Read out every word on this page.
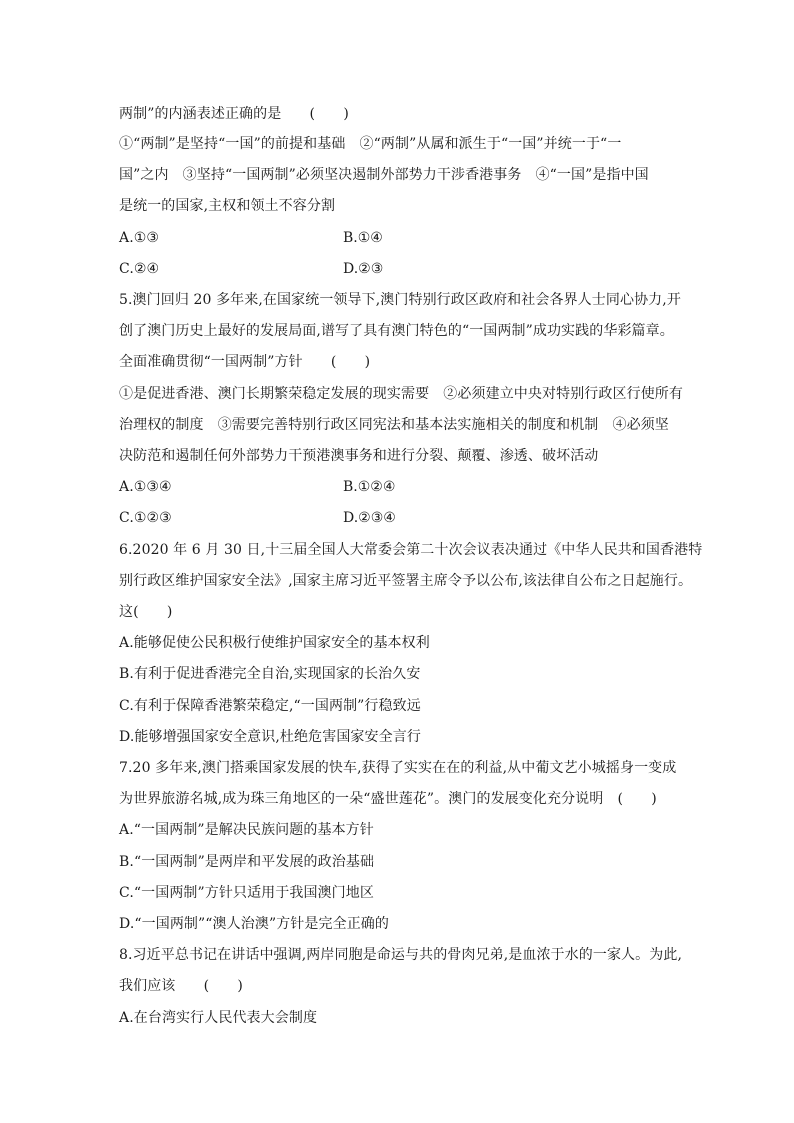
两制”的内涵表述正确的是　　(　　)
①“两制”是坚持“一国”的前提和基础　②“两制”从属和派生于“一国”并统一于“一
国”之内　③坚持“一国两制”必须坚决遏制外部势力干涉香港事务　④“一国”是指中国
是统一的国家,主权和领土不容分割
A.①③	B.①④
C.②④	D.②③
5.澳门回归 20 多年来,在国家统一领导下,澳门特别行政区政府和社会各界人士同心协力,开
创了澳门历史上最好的发展局面,谱写了具有澳门特色的“一国两制”成功实践的华彩篇章。
全面准确贯彻“一国两制”方针　　(　　)
①是促进香港、澳门长期繁荣稳定发展的现实需要　②必须建立中央对特别行政区行使所有
治理权的制度　③需要完善特别行政区同宪法和基本法实施相关的制度和机制　④必须坚
决防范和遏制任何外部势力干预港澳事务和进行分裂、颠覆、渗透、破坏活动
A.①③④	B.①②④
C.①②③	D.②③④
6.2020 年 6 月 30 日,十三届全国人大常委会第二十次会议表决通过《中华人民共和国香港特
别行政区维护国家安全法》,国家主席习近平签署主席令予以公布,该法律自公布之日起施行。
这(　　)
A.能够促使公民积极行使维护国家安全的基本权利
B.有利于促进香港完全自治,实现国家的长治久安
C.有利于保障香港繁荣稳定,“一国两制”行稳致远
D.能够增强国家安全意识,杜绝危害国家安全言行
7.20 多年来,澳门搭乘国家发展的快车,获得了实实在在的利益,从中葡文艺小城摇身一变成
为世界旅游名城,成为珠三角地区的一朵“盛世莲花”。澳门的发展变化充分说明　(　　)
A.“一国两制”是解决民族问题的基本方针
B.“一国两制”是两岸和平发展的政治基础
C.“一国两制”方针只适用于我国澳门地区
D.“一国两制”“澳人治澳”方针是完全正确的
8.习近平总书记在讲话中强调,两岸同胞是命运与共的骨肉兄弟,是血浓于水的一家人。为此,
我们应该　　(　　)
A.在台湾实行人民代表大会制度
